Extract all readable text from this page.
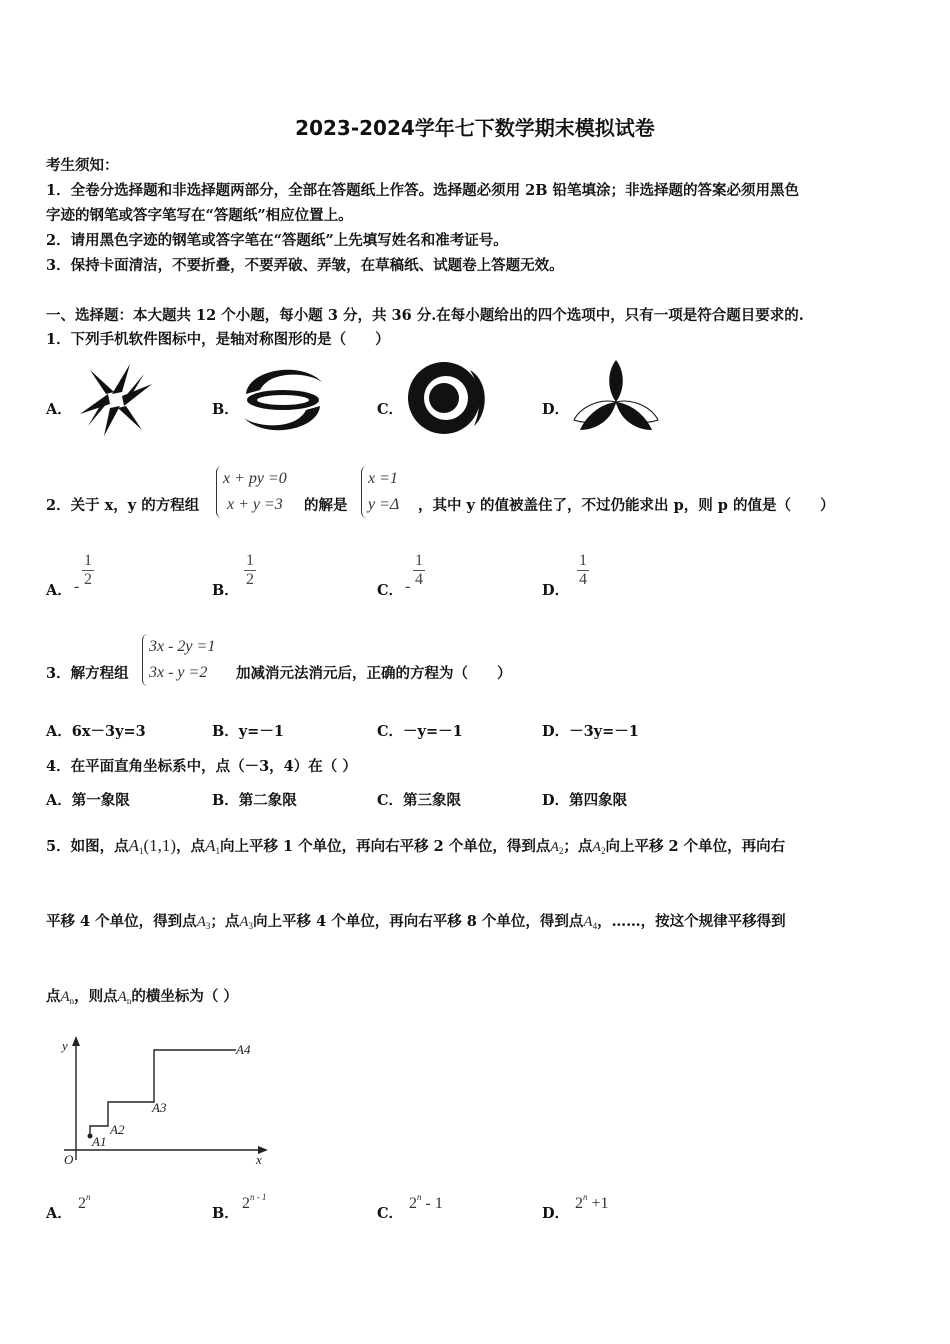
2023-2024学年七下数学期末模拟试卷
考生须知：
1．全卷分选择题和非选择题两部分，全部在答题纸上作答。选择题必须用 2B 铅笔填涂；非选择题的答案必须用黑色
字迹的钢笔或答字笔写在“答题纸”相应位置上。
2．请用黑色字迹的钢笔或答字笔在“答题纸”上先填写姓名和准考证号。
3．保持卡面清洁，不要折叠，不要弄破、弄皱，在草稿纸、试题卷上答题无效。
一、选择题：本大题共 12 个小题，每小题 3 分，共 36 分.在每小题给出的四个选项中，只有一项是符合题目要求的.
1．下列手机软件图标中，是轴对称图形的是（　　）
A．	B．	C．	D．
2．关于 x，y 的方程组
x + py =0
x + y =3 的解是
x =1
y =Δ ，其中 y 的值被盖住了，不过仍能求出 p，则 p 的值是（　　）
A． - $\frac{1}{2}$
B．
$\frac{1}{2}$
C． - $\frac{1}{4}$
D．
$\frac{1}{4}$
3．解方程组
3x - 2y =1
3x - y =2	加减消元法消元后，正确的方程为（　　）
A．6x－3y=3	B．y=－1	C．－y=－1	D．－3y=－1
4．在平面直角坐标系中，点（－3，4）在（ ）
A．第一象限	B．第二象限	C．第三象限	D．第四象限
5．如图，点$A_1(1,1)$，点$A_1$向上平移 1 个单位，再向右平移 2 个单位，得到点$A_2$；点$A_2$向上平移 2 个单位，再向右
平移 4 个单位，得到点$A_3$；点$A_3$向上平移 4 个单位，再向右平移 8 个单位，得到点$A_4$，……，按这个规律平移得到
点$A_n$，则点$A_n$的横坐标为（ ）
y
x
O
A1
A2
A3
A4
A．
2$^n$
B．
2$^{n - 1}$
C．
2$^n$ - 1
D．
$2^n +1$
